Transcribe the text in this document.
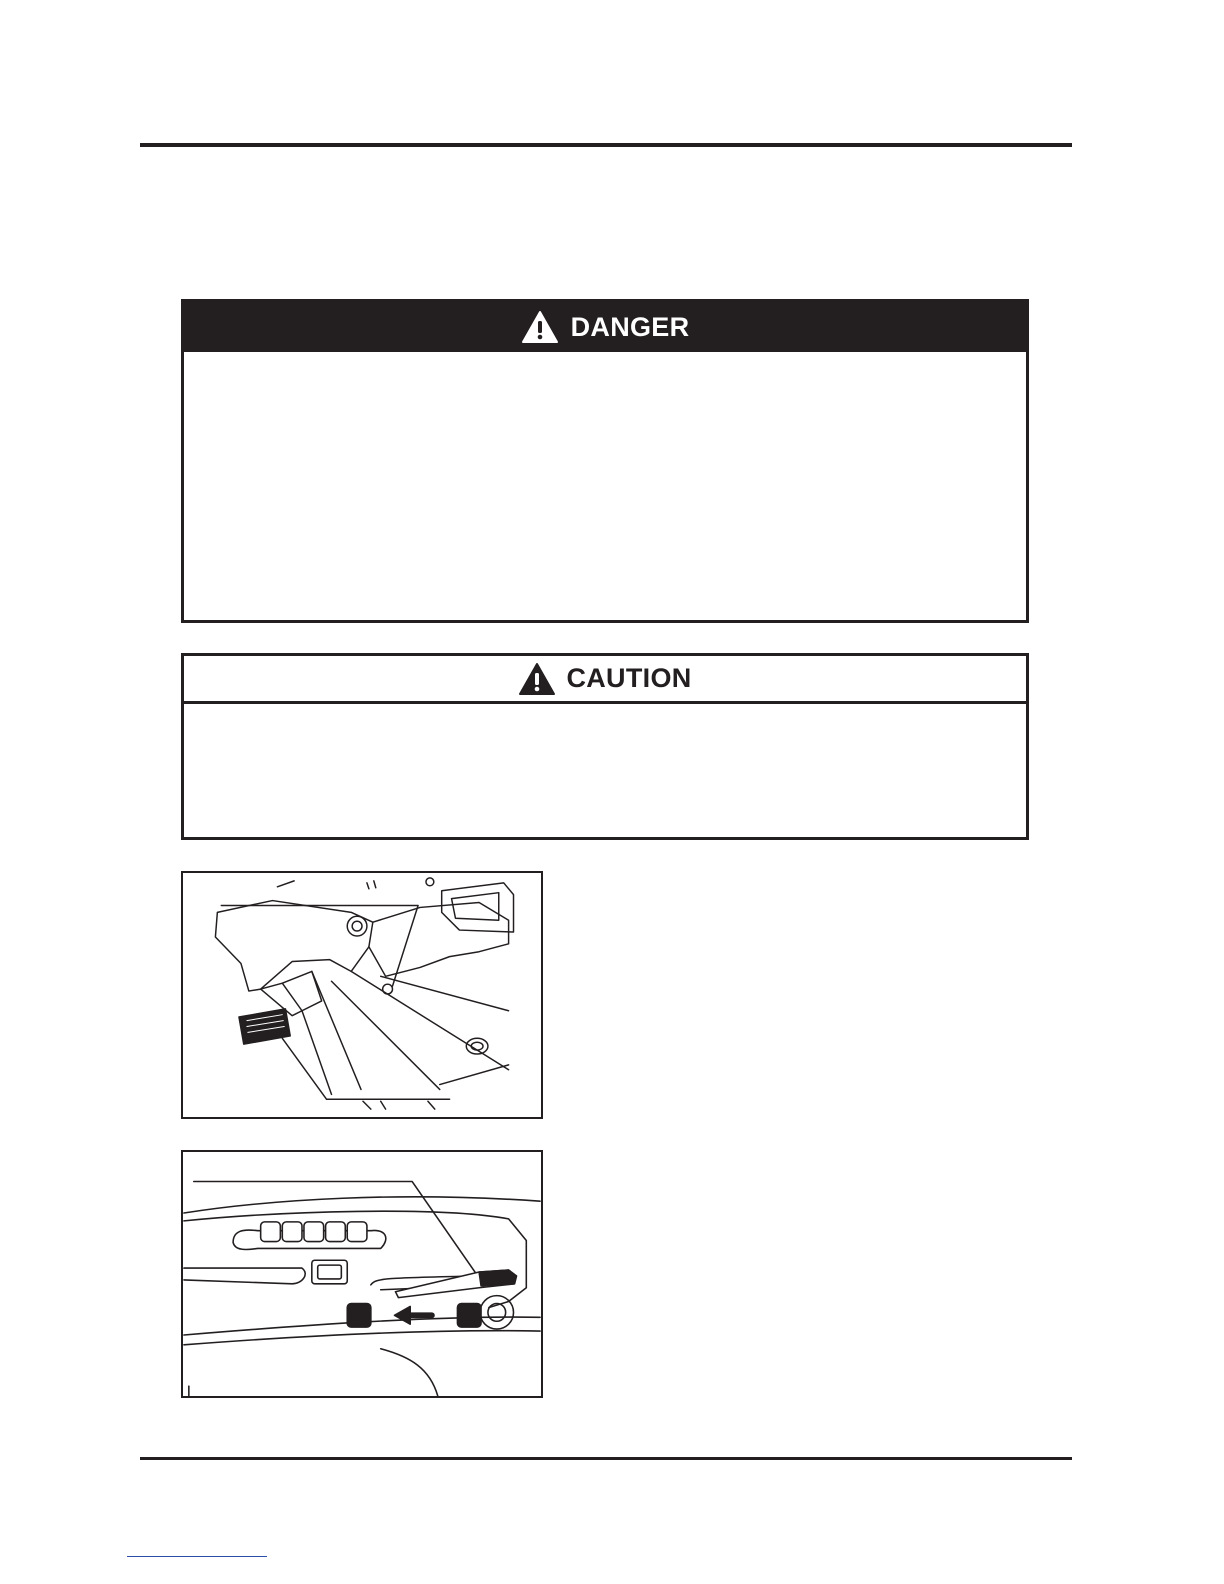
DANGER
CAUTION
